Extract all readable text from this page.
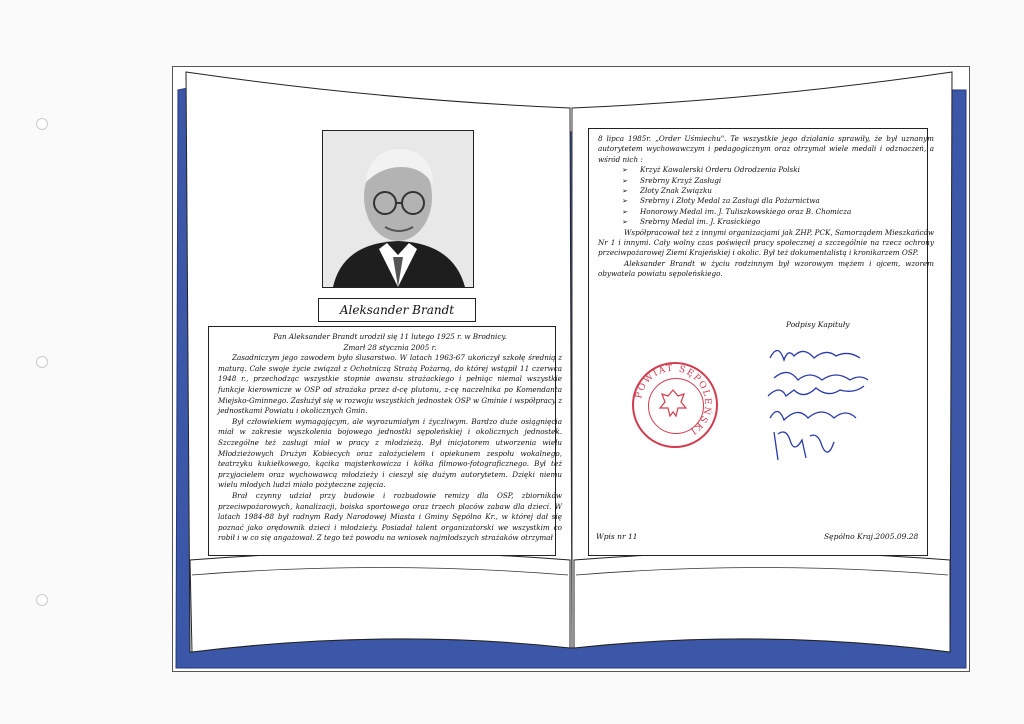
Aleksander Brandt

Pan Aleksander Brandt urodził się 11 lutego 1925 r. w Brodnicy.

Zmarł 28 stycznia 2005 r.

Zasadniczym jego zawodem było ślusarstwo. W latach 1963-67 ukończył szkołę średnią z maturą. Całe swoje życie związał z Ochotniczą Strażą Pożarną, do której wstąpił 11 czerwca 1948 r., przechodząc wszystkie stopnie awansu strażackiego i pełniąc niemal wszystkie funkcje kierownicze w OSP od strażaka przez d-cę plutonu, z-cę naczelnika po Komendanta Miejsko-Gminnego. Zasłużył się w rozwoju wszystkich jednostek OSP w Gminie i współpracy z jednostkami Powiatu i okolicznych Gmin.

Był człowiekiem wymagającym, ale wyrozumiałym i życzliwym. Bardzo duże osiągnięcia miał w zakresie wyszkolenia bojowego jednostki sępoleńskiej i okolicznych jednostek. Szczególne też zasługi miał w pracy z młodzieżą. Był inicjatorem utworzenia wielu Młodzieżowych Drużyn Kobiecych oraz założycielem i opiekunem zespołu wokalnego, teatrzyku kukiełkowego, kącika majsterkowicza i kółka filmowo-fotograficznego. Był też przyjacielem oraz wychowawcą młodzieży i cieszył się dużym autorytetem. Dzięki niemu wielu młodych ludzi miało pożyteczne zajęcia.

Brał czynny udział przy budowie i rozbudowie remizy dla OSP, zbiorników przeciwpożarowych, kanalizacji, boiska sportowego oraz trzech placów zabaw dla dzieci. W latach 1984-88 był radnym Rady Narodowej Miasta i Gminy Sępólno Kr., w której dał się poznać jako orędownik dzieci i młodzieży. Posiadał talent organizatorski we wszystkim co robił i w co się angażował. Z tego też powodu na wniosek najmłodszych strażaków otrzymał

8 lipca 1985r. „Order Uśmiechu". Te wszystkie jego działania sprawiły, że był uznanym autorytetem wychowawczym i pedagogicznym oraz otrzymał wiele medali i odznaczeń, a wśród nich :

➢ Krzyż Kawalerski Orderu Odrodzenia Polski
➢ Srebrny Krzyż Zasługi
➢ Złoty Znak Związku
➢ Srebrny i Złoty Medal za Zasługi dla Pożarnictwa
➢ Honorowy Medal im. J. Tuliszkowskiego oraz B. Chomicza
➢ Srebrny Medal im. J. Krasickiego

Współpracował też z innymi organizacjami jak ZHP, PCK, Samorządem Mieszkańców Nr 1 i innymi. Cały wolny czas poświęcił pracy społecznej a szczególnie na rzecz ochrony przeciwpożarowej Ziemi Krajeńskiej i okolic. Był też dokumentalistą i kronikarzem OSP.

Aleksander Brandt w życiu rodzinnym był wzorowym mężem i ojcem, wzorem obywatela powiatu sępoleńskiego.

Podpisy Kapituły
POWIAT SĘPOLEŃSKI
Wpis nr 11	Sępólno Kraj.2005.09.28
